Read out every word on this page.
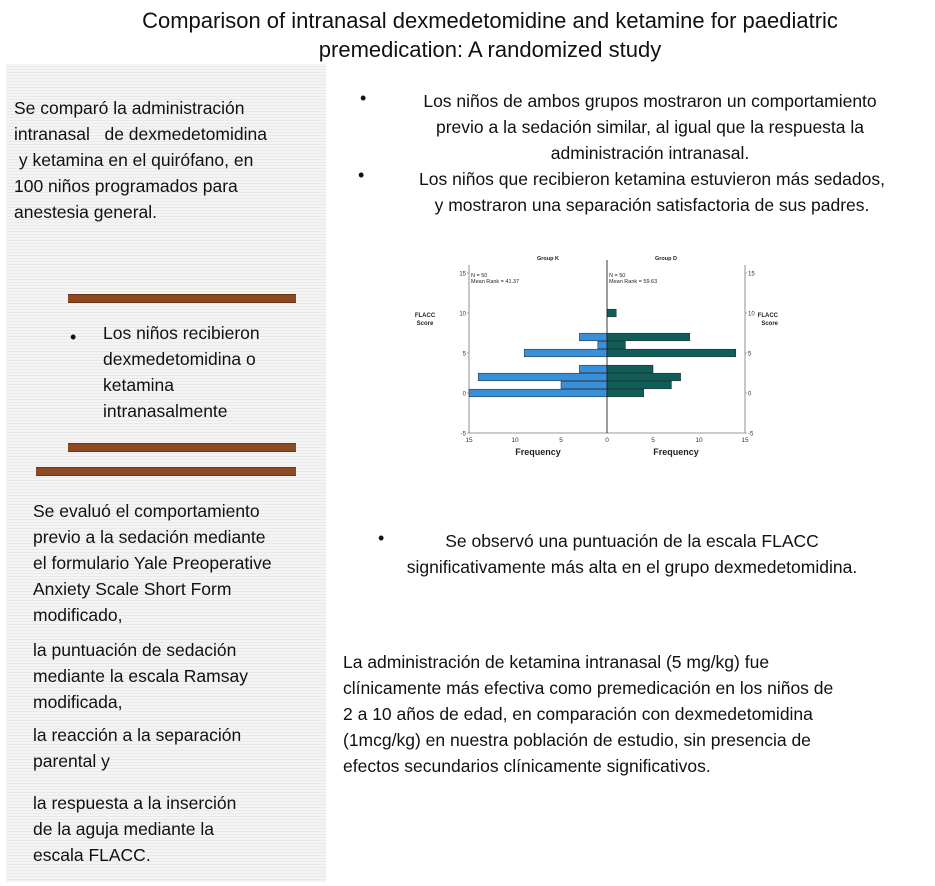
Comparison of intranasal dexmedetomidine and ketamine for paediatric
premedication: A randomized study
Se comparó la administración
intranasal   de dexmedetomidina
y ketamina en el quirófano, en
100 niños programados para
anestesia general.
• Los niños recibieron
dexmedetomidina o
ketamina
intranasalmente
Se evaluó el comportamiento
previo a la sedación mediante
el formulario Yale Preoperative
Anxiety Scale Short Form
modificado,
la puntuación de sedación
mediante la escala Ramsay
modificada,
la reacción a la separación
parental y
la respuesta a la inserción
de la aguja mediante la
escala FLACC.
•	Los niños de ambos grupos mostraron un comportamiento
previo a la sedación similar, al igual que la respuesta la
administración intranasal.
•	Los niños que recibieron ketamina estuvieron más sedados,
y mostraron una separación satisfactoria de sus padres.
-5	-5
0	0
5	5
10	10
15	15
FLACC
Score
FLACC
Score
15	10	5	0	5	10	15
Frequency	Frequency
Group K
N = 50
Mean Rank = 41.37
Group D
N = 50
Mean Rank = 59.63
•	Se observó una puntuación de la escala FLACC
significativamente más alta en el grupo dexmedetomidina.
La administración de ketamina intranasal (5 mg/kg) fue
clínicamente más efectiva como premedicación en los niños de
2 a 10 años de edad, en comparación con dexmedetomidina
(1mcg/kg) en nuestra población de estudio, sin presencia de
efectos secundarios clínicamente significativos.
